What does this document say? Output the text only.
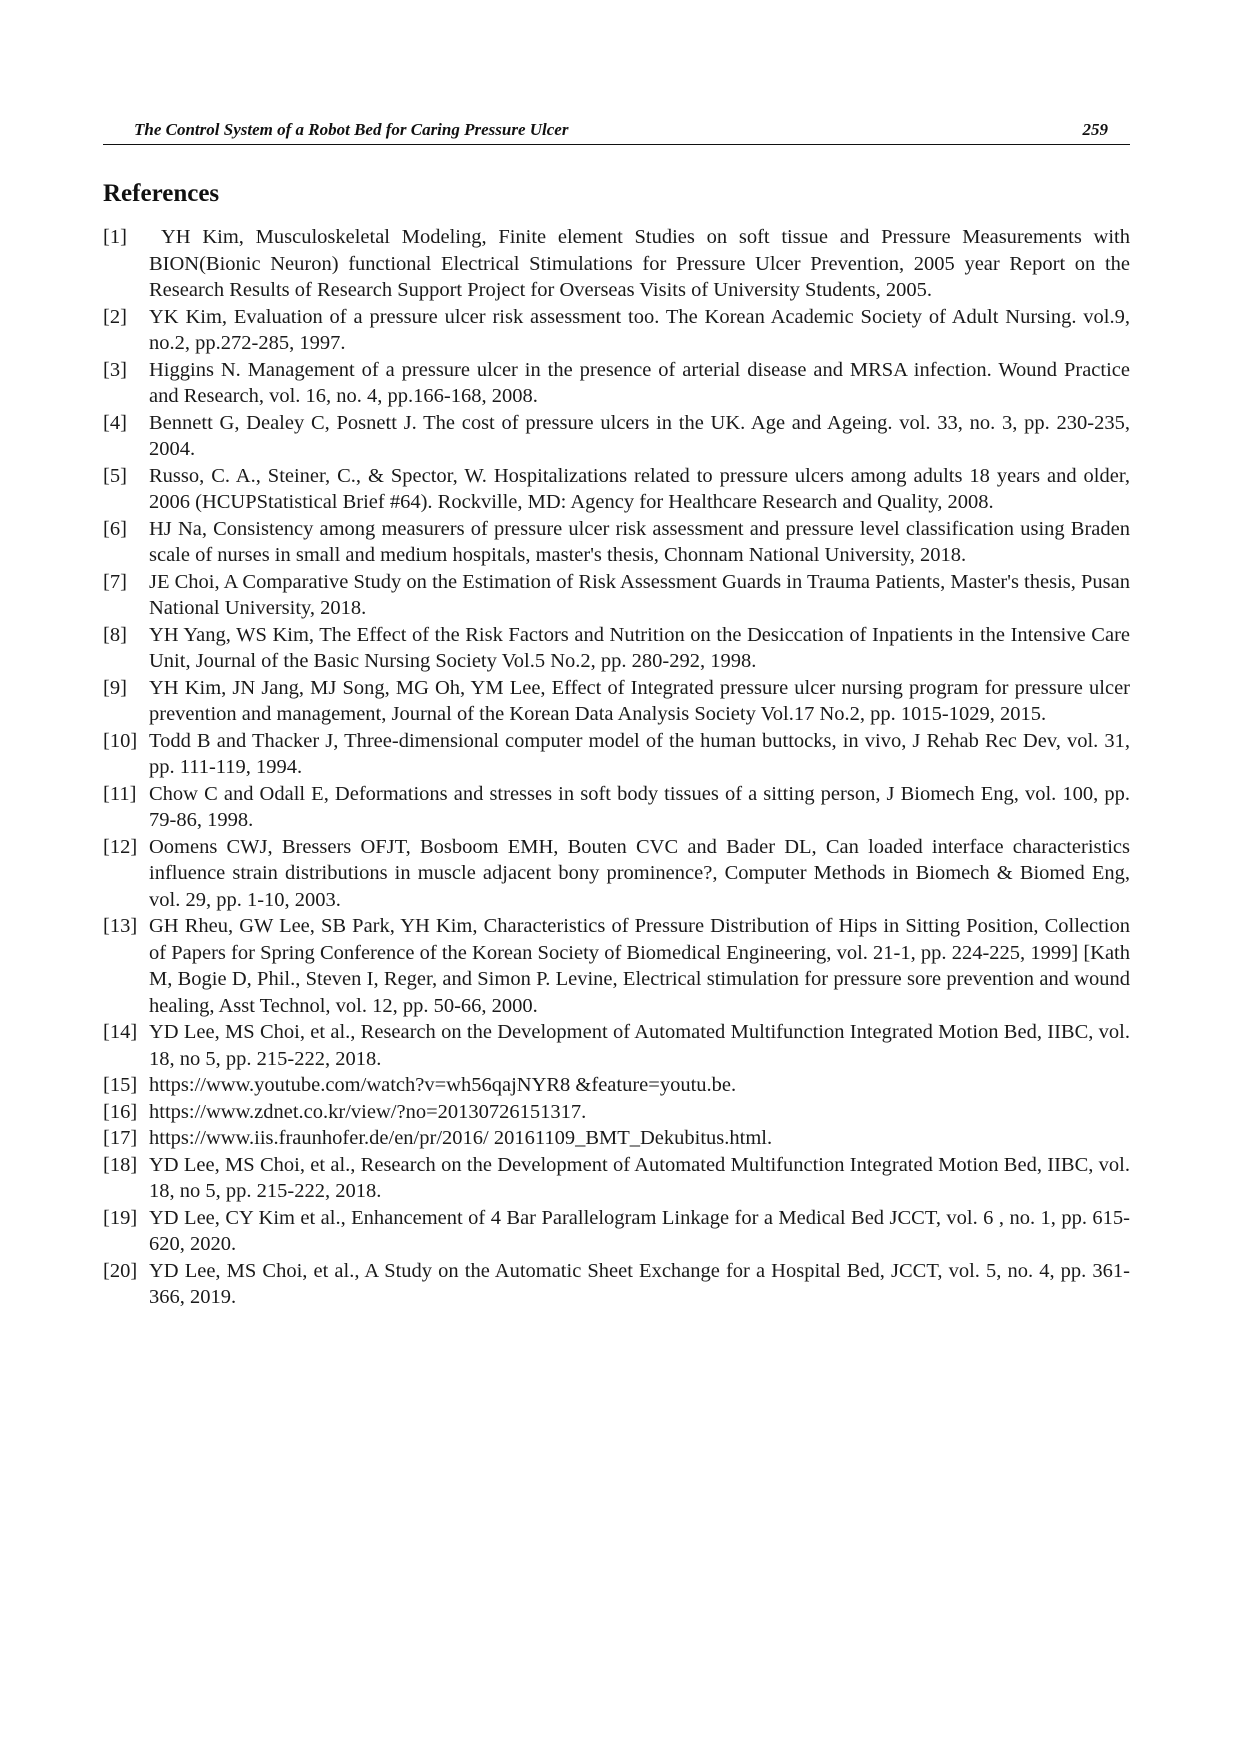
The Control System of a Robot Bed for Caring Pressure Ulcer	259
References
[1]	YH Kim, Musculoskeletal Modeling, Finite element Studies on soft tissue and Pressure Measurements with BION(Bionic Neuron) functional Electrical Stimulations for Pressure Ulcer Prevention, 2005 year Report on the Research Results of Research Support Project for Overseas Visits of University Students, 2005.
[2]	YK Kim, Evaluation of a pressure ulcer risk assessment too. The Korean Academic Society of Adult Nursing. vol.9, no.2, pp.272-285, 1997.
[3]	Higgins N. Management of a pressure ulcer in the presence of arterial disease and MRSA infection. Wound Practice and Research, vol. 16, no. 4, pp.166-168, 2008.
[4]	Bennett G, Dealey C, Posnett J. The cost of pressure ulcers in the UK. Age and Ageing. vol. 33, no. 3, pp. 230-235, 2004.
[5]	Russo, C. A., Steiner, C., & Spector, W. Hospitalizations related to pressure ulcers among adults 18 years and older, 2006 (HCUPStatistical Brief #64). Rockville, MD: Agency for Healthcare Research and Quality, 2008.
[6]	HJ Na, Consistency among measurers of pressure ulcer risk assessment and pressure level classification using Braden scale of nurses in small and medium hospitals, master's thesis, Chonnam National University, 2018.
[7]	JE Choi, A Comparative Study on the Estimation of Risk Assessment Guards in Trauma Patients, Master's thesis, Pusan National University, 2018.
[8]	YH Yang, WS Kim, The Effect of the Risk Factors and Nutrition on the Desiccation of Inpatients in the Intensive Care Unit, Journal of the Basic Nursing Society Vol.5 No.2, pp. 280-292, 1998.
[9]	YH Kim, JN Jang, MJ Song, MG Oh, YM Lee, Effect of Integrated pressure ulcer nursing program for pressure ulcer prevention and management, Journal of the Korean Data Analysis Society Vol.17 No.2, pp. 1015-1029, 2015.
[10] Todd B and Thacker J, Three-dimensional computer model of the human buttocks, in vivo, J Rehab Rec Dev, vol. 31, pp. 111-119, 1994.
[11] Chow C and Odall E, Deformations and stresses in soft body tissues of a sitting person, J Biomech Eng, vol. 100, pp. 79-86, 1998.
[12] Oomens CWJ, Bressers OFJT, Bosboom EMH, Bouten CVC and Bader DL, Can loaded interface characteristics influence strain distributions in muscle adjacent bony prominence?, Computer Methods in Biomech & Biomed Eng, vol. 29, pp. 1-10, 2003.
[13] GH Rheu, GW Lee, SB Park, YH Kim, Characteristics of Pressure Distribution of Hips in Sitting Position, Collection of Papers for Spring Conference of the Korean Society of Biomedical Engineering, vol. 21-1, pp. 224-225, 1999] [Kath M, Bogie D, Phil., Steven I, Reger, and Simon P. Levine, Electrical stimulation for pressure sore prevention and wound healing, Asst Technol, vol. 12, pp. 50-66, 2000.
[14] YD Lee, MS Choi, et al., Research on the Development of Automated Multifunction Integrated Motion Bed, IIBC, vol. 18, no 5, pp. 215-222, 2018.
[15] https://www.youtube.com/watch?v=wh56qajNYR8 &feature=youtu.be.
[16] https://www.zdnet.co.kr/view/?no=20130726151317.
[17] https://www.iis.fraunhofer.de/en/pr/2016/ 20161109_BMT_Dekubitus.html.
[18] YD Lee, MS Choi, et al., Research on the Development of Automated Multifunction Integrated Motion Bed, IIBC, vol. 18, no 5, pp. 215-222, 2018.
[19] YD Lee, CY Kim et al., Enhancement of 4 Bar Parallelogram Linkage for a Medical Bed JCCT, vol. 6 , no. 1, pp. 615-620, 2020.
[20] YD Lee, MS Choi, et al., A Study on the Automatic Sheet Exchange for a Hospital Bed, JCCT, vol. 5, no. 4, pp. 361-366, 2019.
